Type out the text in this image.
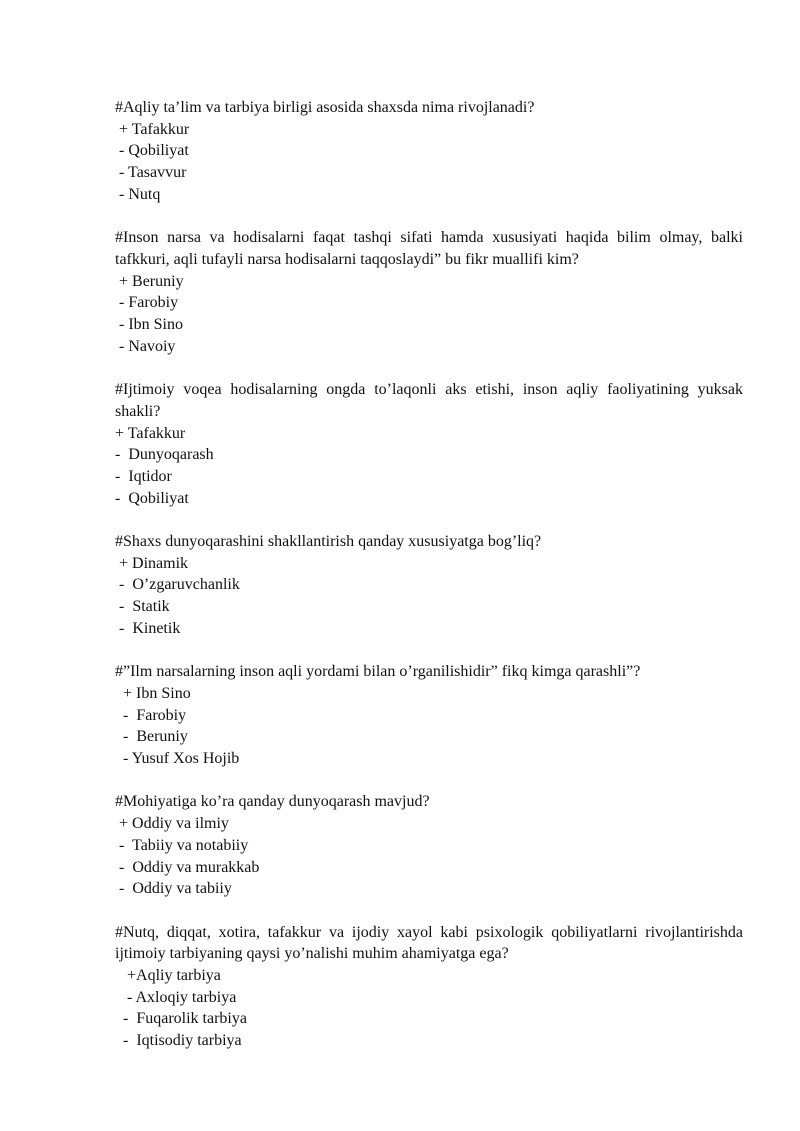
#Aqliy ta’lim va tarbiya birligi asosida shaxsda nima rivojlanadi?

+ Tafakkur

- Qobiliyat

- Tasavvur

- Nutq

#Inson narsa va hodisalarni faqat tashqi sifati hamda xususiyati haqida bilim olmay, balki tafkkuri, aqli tufayli narsa hodisalarni taqqoslaydi” bu fikr muallifi kim?

+ Beruniy

- Farobiy

- Ibn Sino

- Navoiy

#Ijtimoiy voqea hodisalarning ongda to’laqonli aks etishi, inson aqliy faoliyatining yuksak shakli?

+ Tafakkur

-  Dunyoqarash

-  Iqtidor

-  Qobiliyat

#Shaxs dunyoqarashini shakllantirish qanday xususiyatga bog’liq?

+ Dinamik

-  O’zgaruvchanlik

-  Statik

-  Kinetik

#”Ilm narsalarning inson aqli yordami bilan o’rganilishidir” fikq kimga qarashli”?

+ Ibn Sino

-  Farobiy

-  Beruniy

- Yusuf Xos Hojib

#Mohiyatiga ko’ra qanday dunyoqarash mavjud?

+ Oddiy va ilmiy

-  Tabiiy va notabiiy

-  Oddiy va murakkab

-  Oddiy va tabiiy

#Nutq, diqqat, xotira, tafakkur va ijodiy xayol kabi psixologik qobiliyatlarni rivojlantirishda ijtimoiy tarbiyaning qaysi yo’nalishi muhim ahamiyatga ega?

+Aqliy tarbiya

- Axloqiy tarbiya

-  Fuqarolik tarbiya

-  Iqtisodiy tarbiya
